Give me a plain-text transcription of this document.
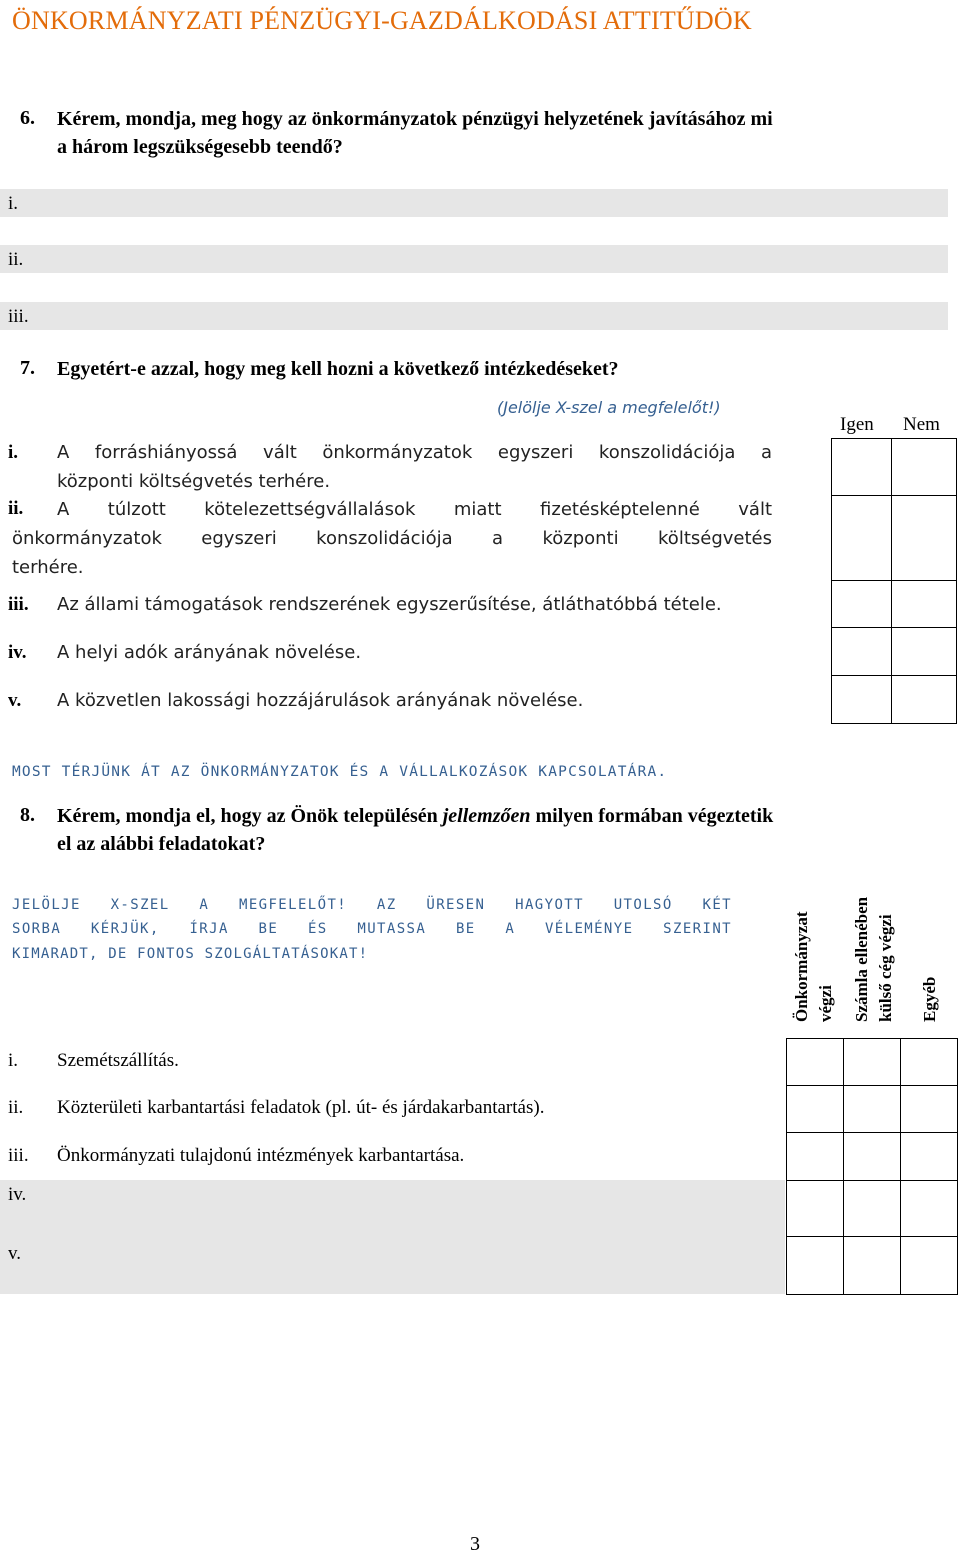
ÖNKORMÁNYZATI PÉNZÜGYI-GAZDÁLKODÁSI ATTITŰDÖK
6. Kérem, mondja, meg hogy az önkormányzatok pénzügyi helyzetének javításához mi
a három legszükségesebb teendő?
i.
ii.
iii.
7. Egyetért-e azzal, hogy meg kell hozni a következő intézkedéseket?
(Jelölje X-szel a megfelelőt!)
Igen Nem
i. A forráshiányossá vált önkormányzatok egyszeri konszolidációja a
központi költségvetés terhére.
ii. A túlzott kötelezettségvállalások miatt fizetésképtelenné vált
önkormányzatok egyszeri konszolidációja a központi költségvetés
terhére.
iii. Az állami támogatások rendszerének egyszerűsítése, átláthatóbbá tétele.
iv. A helyi adók arányának növelése.
v. A közvetlen lakossági hozzájárulások arányának növelése.
MOST TÉRJÜNK ÁT AZ ÖNKORMÁNYZATOK ÉS A VÁLLALKOZÁSOK KAPCSOLATÁRA.
8. Kérem, mondja el, hogy az Önök településén jellemzően milyen formában végeztetik
el az alábbi feladatokat?
JELÖLJE X-SZEL A MEGFELELŐT! AZ ÜRESEN HAGYOTT UTOLSÓ KÉT
SORBA KÉRJÜK, ÍRJA BE ÉS MUTASSA BE A VÉLEMÉNYE SZERINT
KIMARADT, DE FONTOS SZOLGÁLTATÁSOKAT!	Önkormányzat végzi Számla ellenében külső cég végzi Egyéb
i. Szemétszállítás.
ii. Közterületi karbantartási feladatok (pl. út- és járdakarbantartás).
iii. Önkormányzati tulajdonú intézmények karbantartása.
iv.
v.
3
